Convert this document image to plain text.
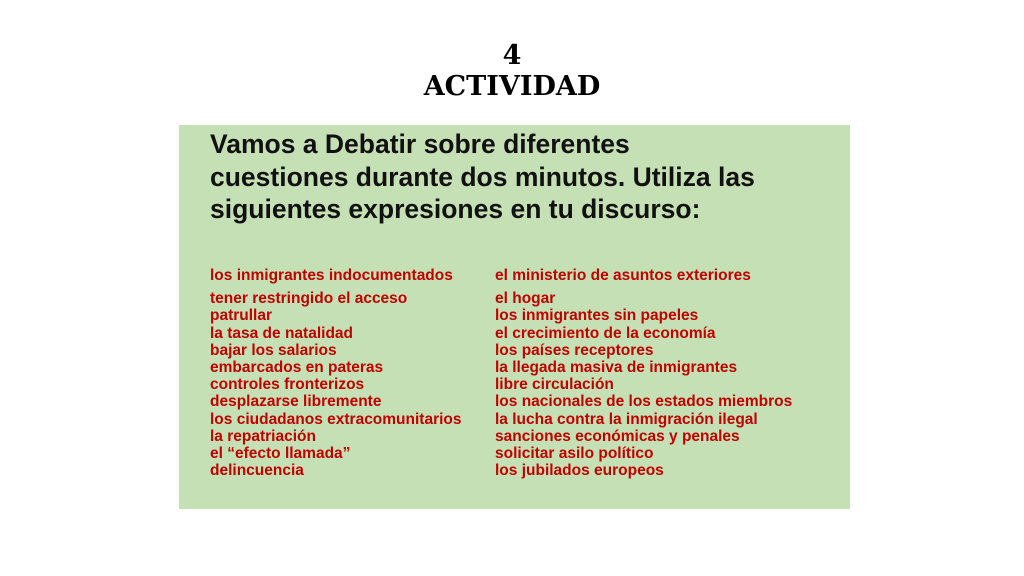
4
ACTIVIDAD
Vamos a Debatir sobre diferentes
cuestiones durante dos minutos. Utiliza las
siguientes expresiones en tu discurso:
los inmigrantes indocumentados
tener restringido el acceso
patrullar
la tasa de natalidad
bajar los salarios
embarcados en pateras
controles fronterizos
desplazarse libremente
los ciudadanos extracomunitarios
la repatriación
el “efecto llamada”
delincuencia
el ministerio de asuntos exteriores
el hogar
los inmigrantes sin papeles
el crecimiento de la economía
los países receptores
la llegada masiva de inmigrantes
libre circulación
los nacionales de los estados miembros
la lucha contra la inmigración ilegal
sanciones económicas y penales
solicitar asilo político
los jubilados europeos
